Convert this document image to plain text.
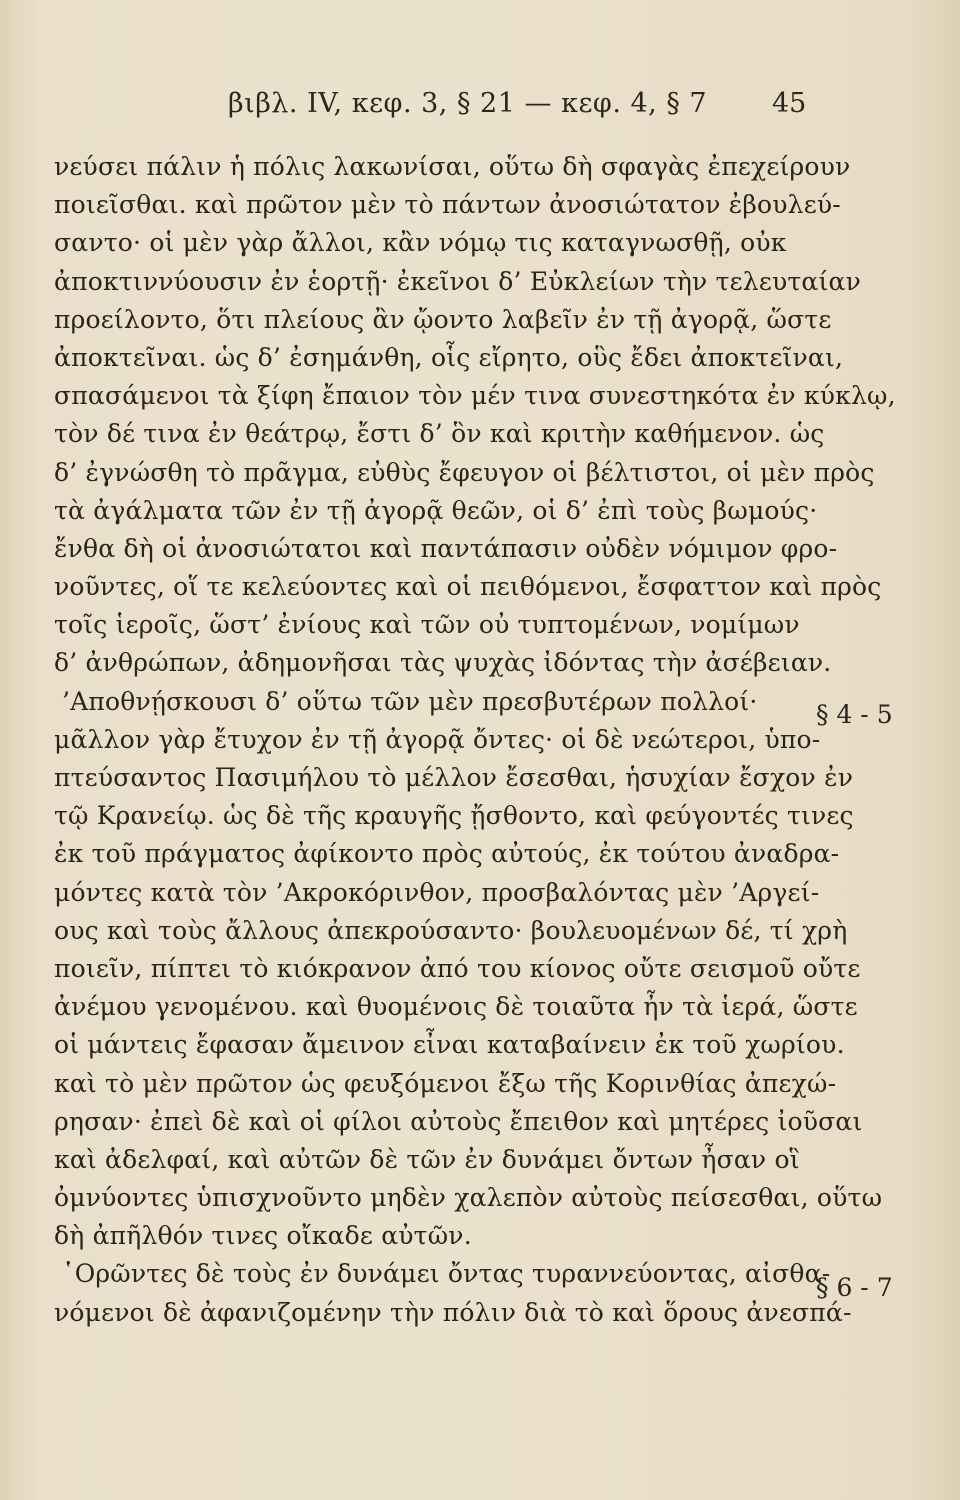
βιβλ. IV, κεφ. 3, § 21 — κεφ. 4, § 7 45
νεύσει πάλιν ἡ πόλις λακωνίσαι, οὕτω δὴ σφαγὰς ἐπεχείρουν
ποιεῖσθαι. καὶ πρῶτον μὲν τὸ πάντων ἀνοσιώτατον ἐβουλεύ-
σαντο· οἱ μὲν γὰρ ἄλλοι, κἂν νόμῳ τις καταγνωσθῇ, οὐκ
ἀποκτιννύουσιν ἐν ἑορτῇ· ἐκεῖνοι δ’ Εὐκλείων τὴν τελευταίαν
προείλοντο, ὅτι πλείους ἂν ᾤοντο λαβεῖν ἐν τῇ ἀγορᾷ, ὥστε
ἀποκτεῖναι. ὡς δ’ ἐσημάνθη, οἷς εἴρητο, οὓς ἔδει ἀποκτεῖναι,
σπασάμενοι τὰ ξίφη ἔπαιον τὸν μέν τινα συνεστηκότα ἐν κύκλῳ,
τὸν δέ τινα ἐν θεάτρῳ, ἔστι δ’ ὃν καὶ κριτὴν καθήμενον. ὡς
δ’ ἐγνώσθη τὸ πρᾶγμα, εὐθὺς ἔφευγον οἱ βέλτιστοι, οἱ μὲν πρὸς
τὰ ἀγάλματα τῶν ἐν τῇ ἀγορᾷ θεῶν, οἱ δ’ ἐπὶ τοὺς βωμούς·
ἔνθα δὴ οἱ ἀνοσιώτατοι καὶ παντάπασιν οὐδὲν νόμιμον φρο-
νοῦντες, οἵ τε κελεύοντες καὶ οἱ πειθόμενοι, ἔσφαττον καὶ πρὸς
τοῖς ἱεροῖς, ὥστ’ ἐνίους καὶ τῶν οὐ τυπτομένων, νομίμων
δ’ ἀνθρώπων, ἀδημονῆσαι τὰς ψυχὰς ἰδόντας τὴν ἀσέβειαν.
’Αποθνῄσκουσι δ’ οὕτω τῶν μὲν πρεσβυτέρων πολλοί·
μᾶλλον γὰρ ἔτυχον ἐν τῇ ἀγορᾷ ὄντες· οἱ δὲ νεώτεροι, ὑπο-
πτεύσαντος Πασιμήλου τὸ μέλλον ἔσεσθαι, ἡσυχίαν ἔσχον ἐν
τῷ Κρανείῳ. ὡς δὲ τῆς κραυγῆς ᾔσθοντο, καὶ φεύγοντές τινες
ἐκ τοῦ πράγματος ἀφίκοντο πρὸς αὐτούς, ἐκ τούτου ἀναδρα-
μόντες κατὰ τὸν ’Ακροκόρινθον, προσβαλόντας μὲν ’Αργεί-
ους καὶ τοὺς ἄλλους ἀπεκρούσαντο· βουλευομένων δέ, τί χρὴ
ποιεῖν, πίπτει τὸ κιόκρανον ἀπό του κίονος οὔτε σεισμοῦ οὔτε
ἀνέμου γενομένου. καὶ θυομένοις δὲ τοιαῦτα ἦν τὰ ἱερά, ὥστε
οἱ μάντεις ἔφασαν ἄμεινον εἶναι καταβαίνειν ἐκ τοῦ χωρίου.
καὶ τὸ μὲν πρῶτον ὡς φευξόμενοι ἔξω τῆς Κορινθίας ἀπεχώ-
ρησαν· ἐπεὶ δὲ καὶ οἱ φίλοι αὐτοὺς ἔπειθον καὶ μητέρες ἰοῦσαι
καὶ ἀδελφαί, καὶ αὐτῶν δὲ τῶν ἐν δυνάμει ὄντων ἦσαν οἳ
ὀμνύοντες ὑπισχνοῦντο μηδὲν χαλεπὸν αὐτοὺς πείσεσθαι, οὕτω
δὴ ἀπῆλθόν τινες οἴκαδε αὐτῶν.
῾Ορῶντες δὲ τοὺς ἐν δυνάμει ὄντας τυραννεύοντας, αἰσθα-
νόμενοι δὲ ἀφανιζομένην τὴν πόλιν διὰ τὸ καὶ ὅρους ἀνεσπά-
§ 4 - 5
§ 6 - 7
